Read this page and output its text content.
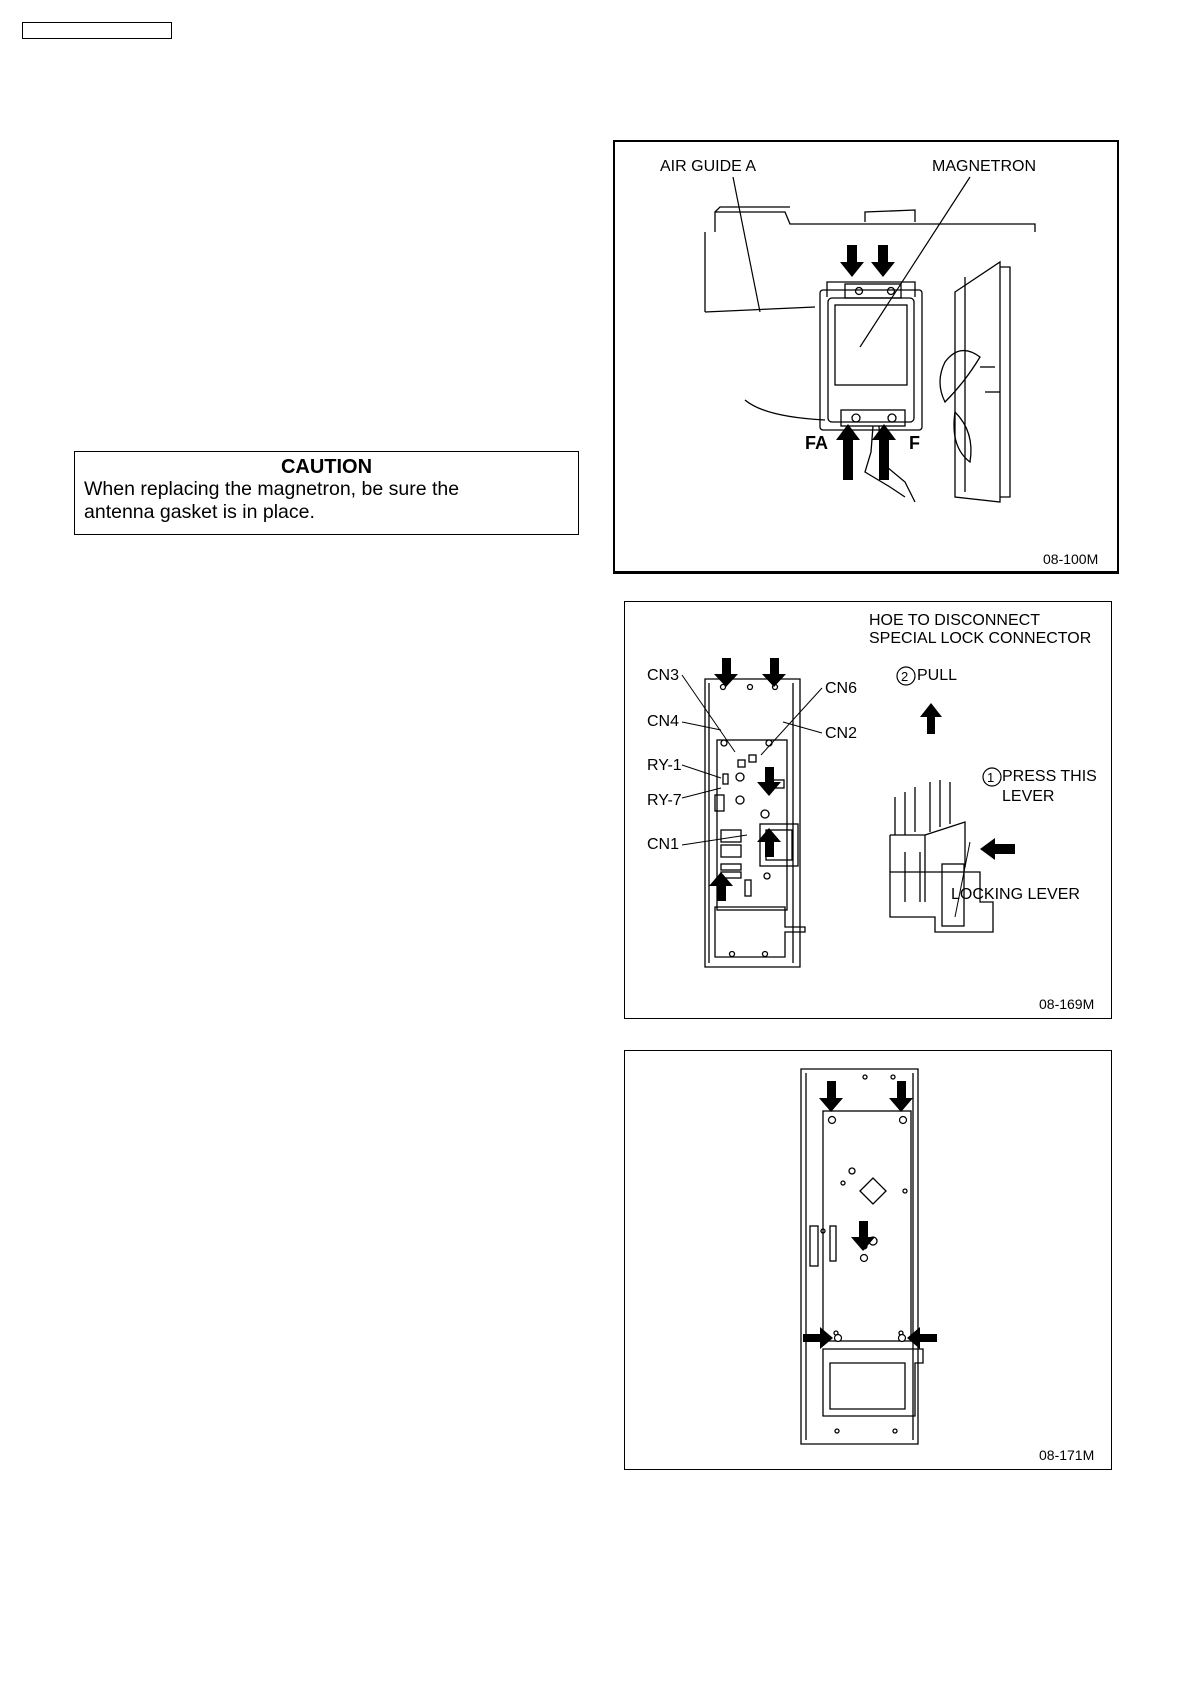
CAUTION
When replacing the magnetron, be sure the
antenna gasket is in place.
AIR GUIDE A	MAGNETRON
FA	F
08-100M
HOE TO DISCONNECT
SPECIAL LOCK CONNECTOR
CN3
CN4
RY-1
RY-7
CN1
CN6
CN2
2 PULL
1 PRESS THIS
LEVER
LOCKING LEVER
08-169M
08-171M
